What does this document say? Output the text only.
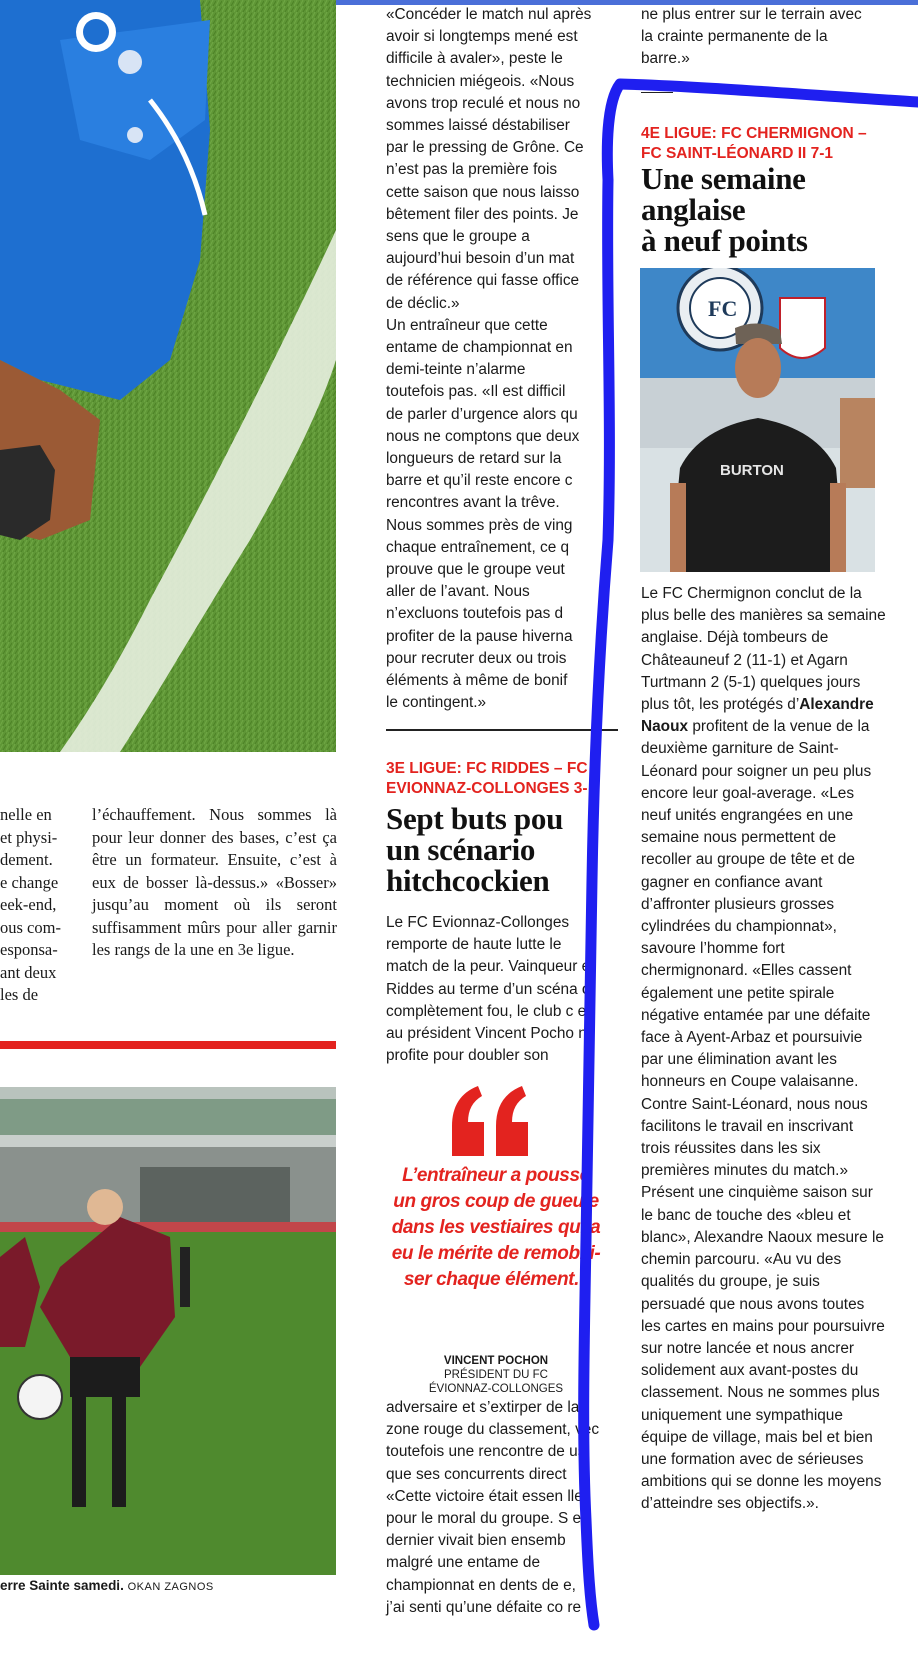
nelle en
et physi-
dement.
e change
eek-end,
ous com-
esponsa-
ant deux
les de

l’échauffement. Nous sommes là pour leur donner des bases, c’est ça être un formateur. Ensuite, c’est à eux de bosser là-dessus.» «Bosser» jusqu’au moment où ils seront suffisamment mûrs pour aller garnir les rangs de la une en 3e ligue.

erre Sainte samedi. OKAN ZAGNOS

«Concéder le match nul après
avoir si longtemps mené est
difficile à avaler», peste le
technicien miégeois. «Nous
avons trop reculé et nous no
sommes laissé déstabiliser
par le pressing de Grône. Ce
n’est pas la première fois
cette saison que nous laisso
bêtement filer des points. Je
sens que le groupe a
aujourd’hui besoin d’un mat
de référence qui fasse office
de déclic.»
Un entraîneur que cette
entame de championnat en
demi-teinte n’alarme
toutefois pas. «Il est difficil
de parler d’urgence alors qu
nous ne comptons que deux
longueurs de retard sur la
barre et qu’il reste encore c
rencontres avant la trêve.
Nous sommes près de ving
chaque entraînement, ce q
prouve que le groupe veut
aller de l’avant. Nous
n’excluons toutefois pas d
profiter de la pause hiverna
pour recruter deux ou trois
éléments à même de bonif
le contingent.»

3E LIGUE: FC RIDDES – FC
EVIONNAZ-COLLONGES 3-
Sept buts pou
un scénario
hitchcockien

Le FC Evionnaz-Collonges
remporte de haute lutte le
match de la peur. Vainqueur e
Riddes au terme d’un scéna o
complètement fou, le club c er
au président Vincent Pocho n
profite pour doubler son

L’entraîneur a poussé
un gros coup de gueule
dans les vestiaires qui a
eu le mérite de remobili-
ser chaque élément.”
VINCENT POCHON
PRÉSIDENT DU FC
ÉVIONNAZ-COLLONGES

adversaire et s’extirper de la
zone rouge du classement, vec
toutefois une rencontre de us
que ses concurrents direct
«Cette victoire était essen lle
pour le moral du groupe. S e
dernier vivait bien ensemb
malgré une entame de
championnat en dents de e,
j’ai senti qu’une défaite co re

ne plus entrer sur le terrain avec
la crainte permanente de la
barre.»

4E LIGUE: FC CHERMIGNON –
FC SAINT-LÉONARD II 7-1
Une semaine
anglaise
à neuf points
FC
BURTON

Le FC Chermignon conclut de la plus belle des manières sa semaine anglaise. Déjà tombeurs de Châteauneuf 2 (11-1) et Agarn Turtmann 2 (5-1) quelques jours plus tôt, les protégés d’Alexandre Naoux profitent de la venue de la deuxième garniture de Saint-Léonard pour soigner un peu plus encore leur goal-average. «Les neuf unités engrangées en une semaine nous permettent de recoller au groupe de tête et de gagner en confiance avant d’affronter plusieurs grosses cylindrées du championnat», savoure l’homme fort chermignonard. «Elles cassent également une petite spirale négative entamée par une défaite face à Ayent-Arbaz et poursuivie par une élimination avant les honneurs en Coupe valaisanne. Contre Saint-Léonard, nous nous facilitons le travail en inscrivant trois réussites dans les six premières minutes du match.» Présent une cinquième saison sur le banc de touche des «bleu et blanc», Alexandre Naoux mesure le chemin parcouru. «Au vu des qualités du groupe, je suis persuadé que nous avons toutes les cartes en mains pour poursuivre sur notre lancée et nous ancrer solidement aux avant-postes du classement. Nous ne sommes plus uniquement une sympathique équipe de village, mais bel et bien une formation avec de sérieuses ambitions qui se donne les moyens d’atteindre ses objectifs.».
